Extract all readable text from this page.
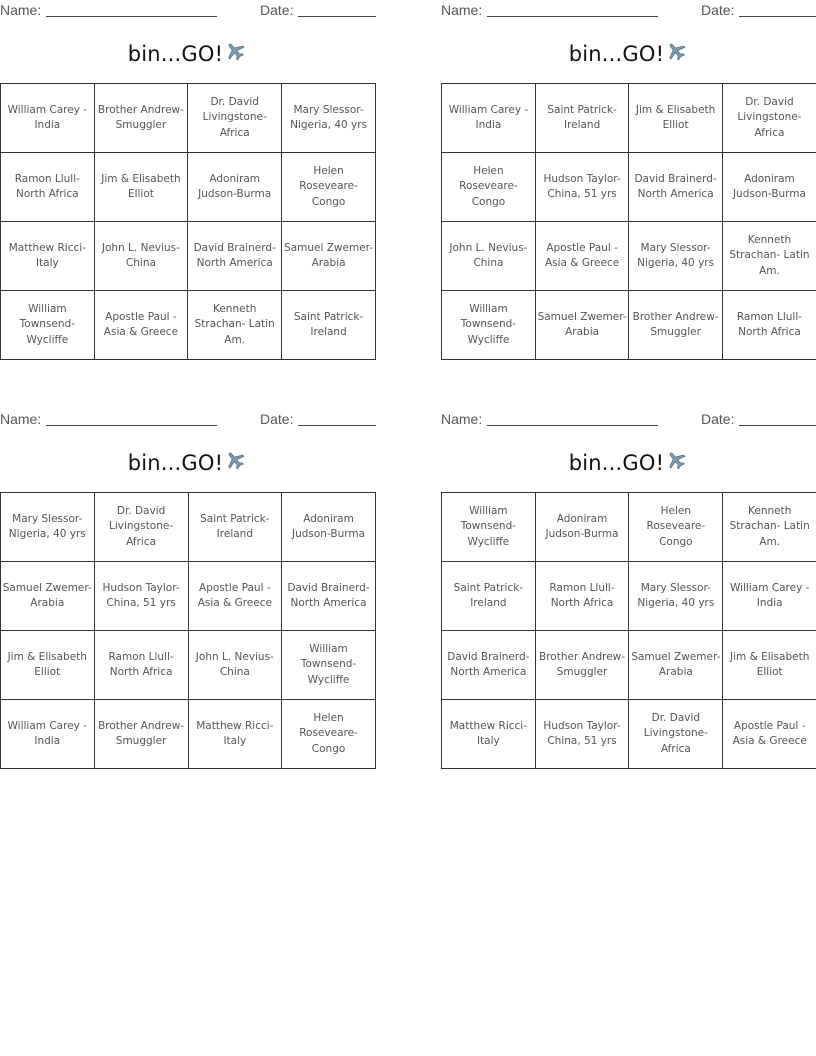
Name:	Date:
bin...GO!
William Carey - India	Brother Andrew-Smuggler	Dr. David Livingstone-Africa	Mary Slessor-Nigeria, 40 yrs
Ramon Llull-North Africa	Jim & Elisabeth Elliot	Adoniram Judson-Burma	Helen Roseveare-Congo
Matthew Ricci-Italy	John L. Nevius-China	David Brainerd-North America	Samuel Zwemer-Arabia
William Townsend-Wycliffe	Apostle Paul - Asia & Greece	Kenneth Strachan- Latin Am.	Saint Patrick-Ireland
Name:	Date:
bin...GO!
William Carey - India	Saint Patrick-Ireland	Jim & Elisabeth Elliot	Dr. David Livingstone-Africa
Helen Roseveare-Congo	Hudson Taylor-China, 51 yrs	David Brainerd-North America	Adoniram Judson-Burma
John L. Nevius-China	Apostle Paul - Asia & Greece	Mary Slessor-Nigeria, 40 yrs	Kenneth Strachan- Latin Am.
William Townsend-Wycliffe	Samuel Zwemer-Arabia	Brother Andrew-Smuggler	Ramon Llull-North Africa
Name:	Date:
bin...GO!
Mary Slessor-Nigeria, 40 yrs	Dr. David Livingstone-Africa	Saint Patrick-Ireland	Adoniram Judson-Burma
Samuel Zwemer-Arabia	Hudson Taylor-China, 51 yrs	Apostle Paul - Asia & Greece	David Brainerd-North America
Jim & Elisabeth Elliot	Ramon Llull-North Africa	John L. Nevius-China	William Townsend-Wycliffe
William Carey - India	Brother Andrew-Smuggler	Matthew Ricci-Italy	Helen Roseveare-Congo
Name:	Date:
bin...GO!
William Townsend-Wycliffe	Adoniram Judson-Burma	Helen Roseveare-Congo	Kenneth Strachan- Latin Am.
Saint Patrick-Ireland	Ramon Llull-North Africa	Mary Slessor-Nigeria, 40 yrs	William Carey - India
David Brainerd-North America	Brother Andrew-Smuggler	Samuel Zwemer-Arabia	Jim & Elisabeth Elliot
Matthew Ricci-Italy	Hudson Taylor-China, 51 yrs	Dr. David Livingstone-Africa	Apostle Paul - Asia & Greece
